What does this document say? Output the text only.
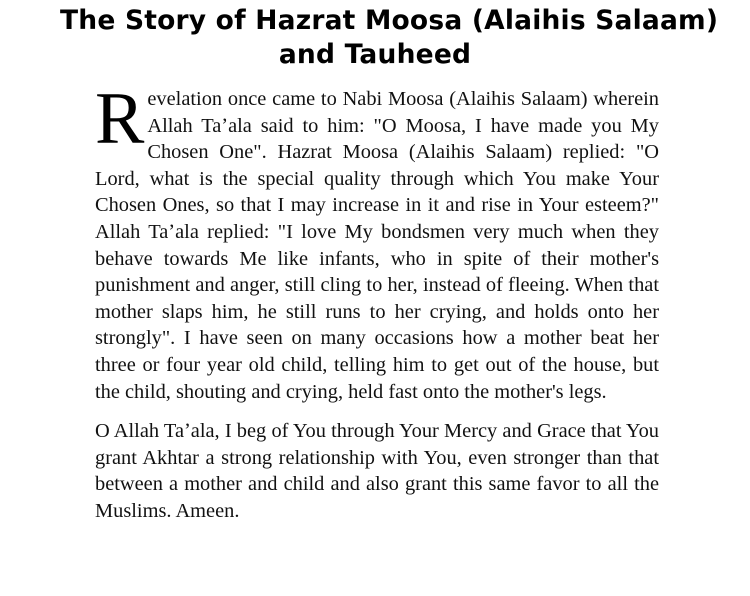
The Story of Hazrat Moosa (Alaihis Salaam)
and Tauheed

Revelation once came to Nabi Moosa (Alaihis Salaam) wherein Allah Taʼala said to him: "O Moosa, I have made you My Chosen One". Hazrat Moosa (Alaihis Salaam) replied: "O Lord, what is the special quality through which You make Your Chosen Ones, so that I may increase in it and rise in Your esteem?" Allah Taʼala replied: "I love My bondsmen very much when they behave towards Me like infants, who in spite of their mother's punishment and anger, still cling to her, instead of fleeing. When that mother slaps him, he still runs to her crying, and holds onto her strongly". I have seen on many occasions how a mother beat her three or four year old child, telling him to get out of the house, but the child, shouting and crying, held fast onto the mother's legs.

O Allah Taʼala, I beg of You through Your Mercy and Grace that You grant Akhtar a strong relationship with You, even stronger than that between a mother and child and also grant this same favor to all the Muslims. Ameen.
